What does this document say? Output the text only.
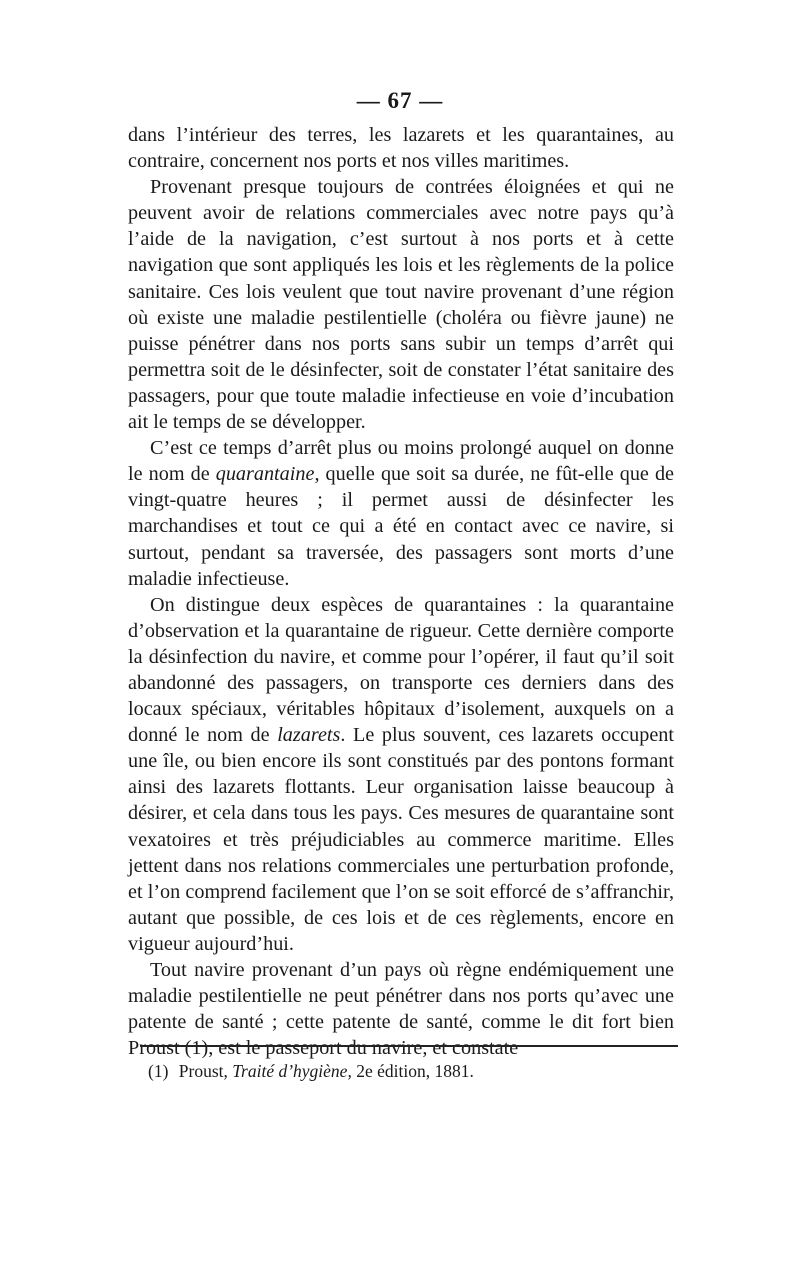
— 67 —

dans l’intérieur des terres, les lazarets et les quarantaines, au contraire, concernent nos ports et nos villes maritimes.

Provenant presque toujours de contrées éloignées et qui ne peuvent avoir de relations commerciales avec notre pays qu’à l’aide de la navigation, c’est surtout à nos ports et à cette navigation que sont appliqués les lois et les règlements de la police sanitaire. Ces lois veulent que tout navire provenant d’une région où existe une maladie pestilentielle (choléra ou fièvre jaune) ne puisse pénétrer dans nos ports sans subir un temps d’arrêt qui permettra soit de le désinfecter, soit de constater l’état sanitaire des passagers, pour que toute maladie infectieuse en voie d’incubation ait le temps de se développer.

C’est ce temps d’arrêt plus ou moins prolongé auquel on donne le nom de quarantaine, quelle que soit sa durée, ne fût-elle que de vingt-quatre heures ; il permet aussi de désinfecter les marchandises et tout ce qui a été en contact avec ce navire, si surtout, pendant sa traversée, des passagers sont morts d’une maladie infectieuse.

On distingue deux espèces de quarantaines : la quarantaine d’observation et la quarantaine de rigueur. Cette dernière comporte la désinfection du navire, et comme pour l’opérer, il faut qu’il soit abandonné des passagers, on transporte ces derniers dans des locaux spéciaux, véritables hôpitaux d’isolement, auxquels on a donné le nom de lazarets. Le plus souvent, ces lazarets occupent une île, ou bien encore ils sont constitués par des pontons formant ainsi des lazarets flottants. Leur organisation laisse beaucoup à désirer, et cela dans tous les pays. Ces mesures de quarantaine sont vexatoires et très préjudiciables au commerce maritime. Elles jettent dans nos relations commerciales une perturbation profonde, et l’on comprend facilement que l’on se soit efforcé de s’affranchir, autant que possible, de ces lois et de ces règlements, encore en vigueur aujourd’hui.

Tout navire provenant d’un pays où règne endémiquement une maladie pestilentielle ne peut pénétrer dans nos ports qu’avec une patente de santé ; cette patente de santé, comme le dit fort bien Proust (1), est le passeport du navire, et constate

(1) Proust, Traité d’hygiène, 2e édition, 1881.
